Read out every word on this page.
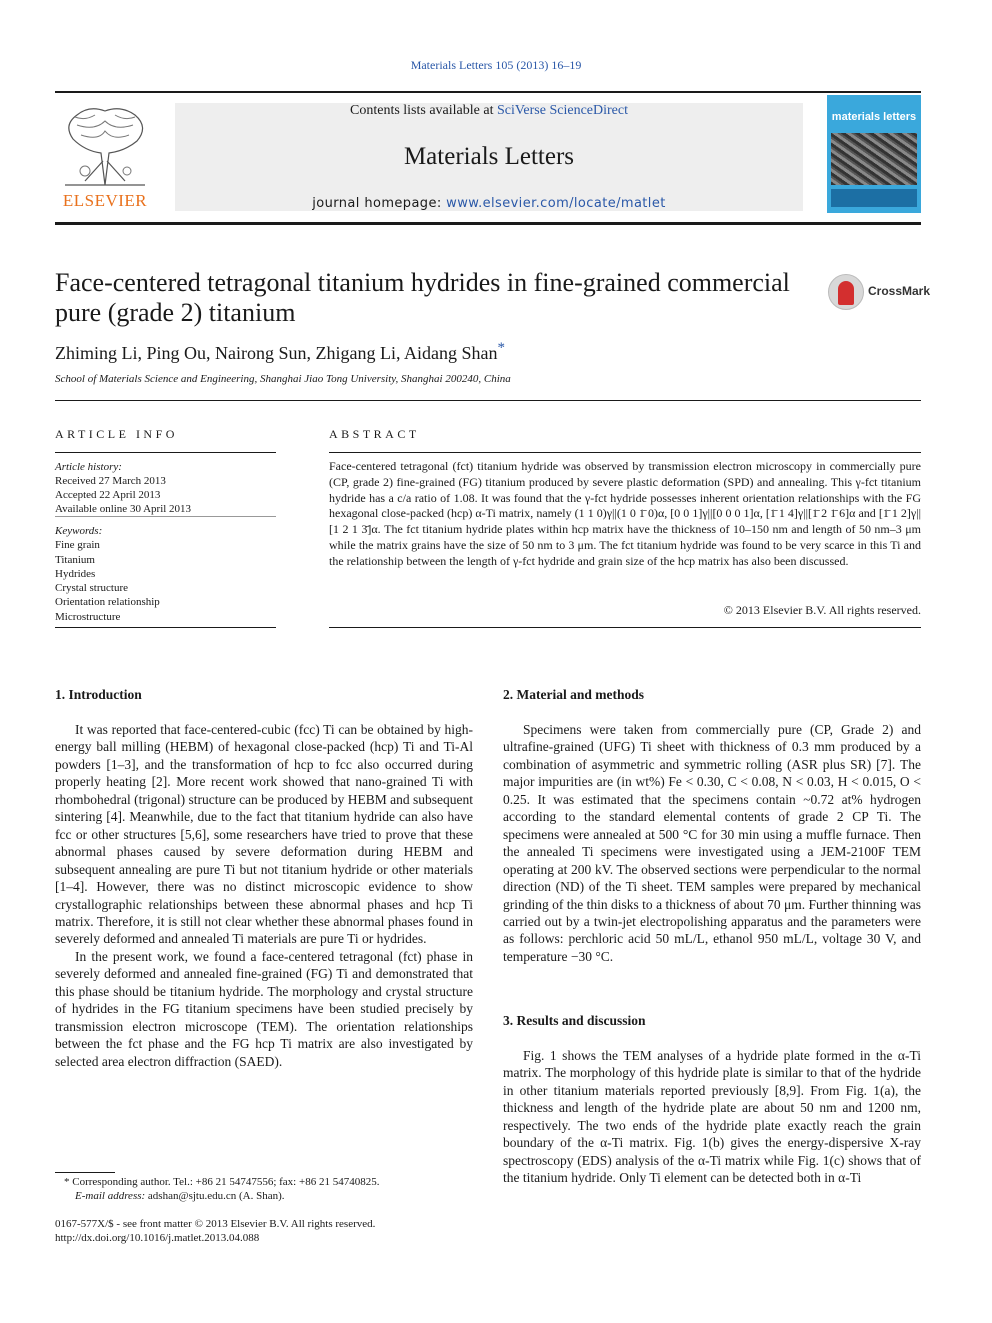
Materials Letters 105 (2013) 16–19
ELSEVIER
Contents lists available at SciVerse ScienceDirect
Materials Letters
journal homepage: www.elsevier.com/locate/matlet
materials letters
Face-centered tetragonal titanium hydrides in fine-grained commercial pure (grade 2) titanium
CrossMark
Zhiming Li, Ping Ou, Nairong Sun, Zhigang Li, Aidang Shan*
School of Materials Science and Engineering, Shanghai Jiao Tong University, Shanghai 200240, China
ARTICLE INFO	ABSTRACT
Article history:
Received 27 March 2013
Accepted 22 April 2013
Available online 30 April 2013
Keywords:
Fine grain
Titanium
Hydrides
Crystal structure
Orientation relationship
Microstructure
Face-centered tetragonal (fct) titanium hydride was observed by transmission electron microscopy in commercially pure (CP, grade 2) fine-grained (FG) titanium produced by severe plastic deformation (SPD) and annealing. This γ-fct titanium hydride has a c/a ratio of 1.08. It was found that the γ-fct hydride possesses inherent orientation relationships with the FG hexagonal close-packed (hcp) α-Ti matrix, namely (1 1 0)γ||(1 0 1̄ 0)α, [0 0 1]γ||[0 0 0 1]α, [1̄ 1 4]γ||[1̄ 2 1̄ 6]α and [1̄ 1 2]γ||[1 2 1 3̄]α. The fct titanium hydride plates within hcp matrix have the thickness of 10–150 nm and length of 50 nm–3 μm while the matrix grains have the size of 50 nm to 3 μm. The fct titanium hydride was found to be very scarce in this Ti and the relationship between the length of γ-fct hydride and grain size of the hcp matrix has also been discussed.
© 2013 Elsevier B.V. All rights reserved.
1. Introduction

It was reported that face-centered-cubic (fcc) Ti can be obtained by high-energy ball milling (HEBM) of hexagonal close-packed (hcp) Ti and Ti-Al powders [1–3], and the transformation of hcp to fcc also occurred during properly heating [2]. More recent work showed that nano-grained Ti with rhombohedral (trigonal) structure can be produced by HEBM and subsequent sintering [4]. Meanwhile, due to the fact that titanium hydride can also have fcc or other structures [5,6], some researchers have tried to prove that these abnormal phases caused by severe deformation during HEBM and subsequent annealing are pure Ti but not titanium hydride or other materials [1–4]. However, there was no distinct microscopic evidence to show crystallographic relationships between these abnormal phases and hcp Ti matrix. Therefore, it is still not clear whether these abnormal phases found in severely deformed and annealed Ti materials are pure Ti or hydrides.

In the present work, we found a face-centered tetragonal (fct) phase in severely deformed and annealed fine-grained (FG) Ti and demonstrated that this phase should be titanium hydride. The morphology and crystal structure of hydrides in the FG titanium specimens have been studied precisely by transmission electron microscope (TEM). The orientation relationships between the fct phase and the FG hcp Ti matrix are also investigated by selected area electron diffraction (SAED).

2. Material and methods

Specimens were taken from commercially pure (CP, Grade 2) and ultrafine-grained (UFG) Ti sheet with thickness of 0.3 mm produced by a combination of asymmetric and symmetric rolling (ASR plus SR) [7]. The major impurities are (in wt%) Fe < 0.30, C < 0.08, N < 0.03, H < 0.015, O < 0.25. It was estimated that the specimens contain ~0.72 at% hydrogen according to the standard elemental contents of grade 2 CP Ti. The specimens were annealed at 500 °C for 30 min using a muffle furnace. Then the annealed Ti specimens were investigated using a JEM-2100F TEM operating at 200 kV. The observed sections were perpendicular to the normal direction (ND) of the Ti sheet. TEM samples were prepared by mechanical grinding of the thin disks to a thickness of about 70 μm. Further thinning was carried out by a twin-jet electropolishing apparatus and the parameters were as follows: perchloric acid 50 mL/L, ethanol 950 mL/L, voltage 30 V, and temperature −30 °C.

3. Results and discussion

Fig. 1 shows the TEM analyses of a hydride plate formed in the α-Ti matrix. The morphology of this hydride plate is similar to that of the hydride in other titanium materials reported previously [8,9]. From Fig. 1(a), the thickness and length of the hydride plate are about 50 nm and 1200 nm, respectively. The two ends of the hydride plate exactly reach the grain boundary of the α-Ti matrix. Fig. 1(b) gives the energy-dispersive X-ray spectroscopy (EDS) analysis of the α-Ti matrix while Fig. 1(c) shows that of the titanium hydride. Only Ti element can be detected both in α-Ti

* Corresponding author. Tel.: +86 21 54747556; fax: +86 21 54740825.
E-mail address: adshan@sjtu.edu.cn (A. Shan).
0167-577X/$ - see front matter © 2013 Elsevier B.V. All rights reserved.
http://dx.doi.org/10.1016/j.matlet.2013.04.088
